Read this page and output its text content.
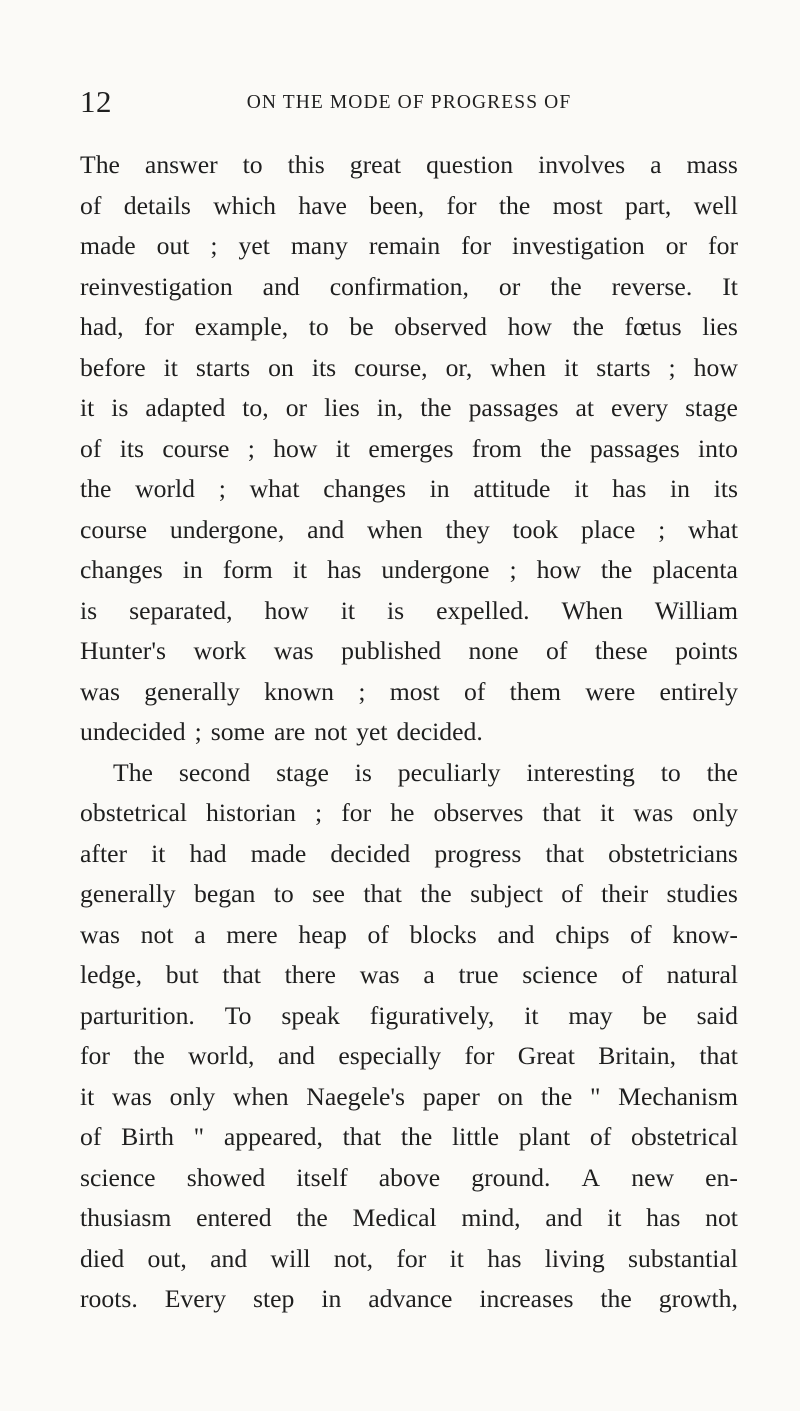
12	ON THE MODE OF PROGRESS OF
The answer to this great question involves a mass
of details which have been, for the most part, well
made out ; yet many remain for investigation or for
reinvestigation and confirmation, or the reverse. It
had, for example, to be observed how the fœtus lies
before it starts on its course, or, when it starts ; how
it is adapted to, or lies in, the passages at every stage
of its course ; how it emerges from the passages into
the world ; what changes in attitude it has in its
course undergone, and when they took place ; what
changes in form it has undergone ; how the placenta
is separated, how it is expelled. When William
Hunter's work was published none of these points
was generally known ; most of them were entirely
undecided ; some are not yet decided.
The second stage is peculiarly interesting to the
obstetrical historian ; for he observes that it was only
after it had made decided progress that obstetricians
generally began to see that the subject of their studies
was not a mere heap of blocks and chips of know-
ledge, but that there was a true science of natural
parturition. To speak figuratively, it may be said
for the world, and especially for Great Britain, that
it was only when Naegele's paper on the " Mechanism
of Birth " appeared, that the little plant of obstetrical
science showed itself above ground. A new en-
thusiasm entered the Medical mind, and it has not
died out, and will not, for it has living substantial
roots. Every step in advance increases the growth,
